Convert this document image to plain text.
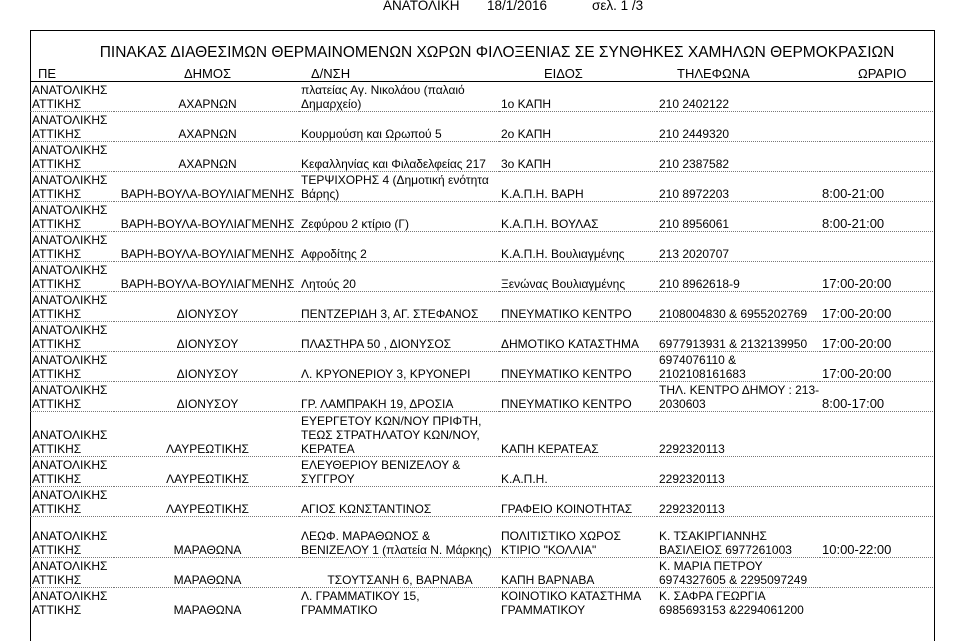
ΑΝΑΤΟΛΙΚΗ 18/1/2016	σελ. 1 /3
ΠΙΝΑΚΑΣ ΔΙΑΘΕΣΙΜΩΝ ΘΕΡΜΑΙΝΟΜΕΝΩΝ ΧΩΡΩΝ ΦΙΛΟΞΕΝΙΑΣ ΣΕ ΣΥΝΘΗΚΕΣ ΧΑΜΗΛΩΝ ΘΕΡΜΟΚΡΑΣΙΩΝ
ΠΕ	ΔΗΜΟΣ	Δ/ΝΣΗ	ΕΙΔΟΣ	ΤΗΛΕΦΩΝΑ	ΩΡΑΡΙΟ
ΑΝΑΤΟΛΙΚΗΣ ΑΤΤΙΚΗΣ	ΑΧΑΡΝΩΝ	πλατείας Αγ. Νικολάου (παλαιό Δημαρχείο)	1ο ΚΑΠΗ	210 2402122	
ΑΝΑΤΟΛΙΚΗΣ ΑΤΤΙΚΗΣ	ΑΧΑΡΝΩΝ	Κουρμούση και Ωρωπού 5	2ο ΚΑΠΗ	210 2449320	
ΑΝΑΤΟΛΙΚΗΣ ΑΤΤΙΚΗΣ	ΑΧΑΡΝΩΝ	Κεφαλληνίας και Φιλαδελφείας 217	3ο ΚΑΠΗ	210 2387582	
ΑΝΑΤΟΛΙΚΗΣ ΑΤΤΙΚΗΣ	ΒΑΡΗ-ΒΟΥΛΑ-ΒΟΥΛΙΑΓΜΕΝΗΣ	ΤΕΡΨΙΧΟΡΗΣ 4 (Δημοτική ενότητα Βάρης)	Κ.Α.Π.Η. ΒΑΡΗ	210 8972203	8:00-21:00
ΑΝΑΤΟΛΙΚΗΣ ΑΤΤΙΚΗΣ	ΒΑΡΗ-ΒΟΥΛΑ-ΒΟΥΛΙΑΓΜΕΝΗΣ	Ζεφύρου 2 κτίριο (Γ)	Κ.Α.Π.Η. ΒΟΥΛΑΣ	210 8956061	8:00-21:00
ΑΝΑΤΟΛΙΚΗΣ ΑΤΤΙΚΗΣ	ΒΑΡΗ-ΒΟΥΛΑ-ΒΟΥΛΙΑΓΜΕΝΗΣ	Αφροδίτης 2	Κ.Α.Π.Η. Βουλιαγμένης	213 2020707	
ΑΝΑΤΟΛΙΚΗΣ ΑΤΤΙΚΗΣ	ΒΑΡΗ-ΒΟΥΛΑ-ΒΟΥΛΙΑΓΜΕΝΗΣ	Λητούς 20	Ξενώνας Βουλιαγμένης	210 8962618-9	17:00-20:00
ΑΝΑΤΟΛΙΚΗΣ ΑΤΤΙΚΗΣ	ΔΙΟΝΥΣΟΥ	ΠΕΝΤΖΕΡΙΔΗ 3, ΑΓ. ΣΤΕΦΑΝΟΣ	ΠΝΕΥΜΑΤΙΚΟ ΚΕΝΤΡΟ	2108004830 & 6955202769	17:00-20:00
ΑΝΑΤΟΛΙΚΗΣ ΑΤΤΙΚΗΣ	ΔΙΟΝΥΣΟΥ	ΠΛΑΣΤΗΡΑ 50 , ΔΙΟΝΥΣΟΣ	ΔΗΜΟΤΙΚΟ ΚΑΤΑΣΤΗΜΑ	6977913931 & 2132139950	17:00-20:00
ΑΝΑΤΟΛΙΚΗΣ ΑΤΤΙΚΗΣ	ΔΙΟΝΥΣΟΥ	Λ. ΚΡΥΟΝΕΡΙΟΥ 3, ΚΡΥΟΝΕΡΙ	ΠΝΕΥΜΑΤΙΚΟ ΚΕΝΤΡΟ	6974076110 & 2102108161683	17:00-20:00
ΑΝΑΤΟΛΙΚΗΣ ΑΤΤΙΚΗΣ	ΔΙΟΝΥΣΟΥ	ΓΡ. ΛΑΜΠΡΑΚΗ 19, ΔΡΟΣΙΑ	ΠΝΕΥΜΑΤΙΚΟ ΚΕΝΤΡΟ	ΤΗΛ. ΚΕΝΤΡΟ ΔΗΜΟΥ : 213-2030603	8:00-17:00
ΑΝΑΤΟΛΙΚΗΣ ΑΤΤΙΚΗΣ	ΛΑΥΡΕΩΤΙΚΗΣ	ΕΥΕΡΓΕΤΟΥ ΚΩΝ/ΝΟΥ ΠΡΙΦΤΗ, ΤΕΩΣ ΣΤΡΑΤΗΛΑΤΟΥ ΚΩΝ/ΝΟΥ, ΚΕΡΑΤΕΑ	ΚΑΠΗ ΚΕΡΑΤΕΑΣ	2292320113	
ΑΝΑΤΟΛΙΚΗΣ ΑΤΤΙΚΗΣ	ΛΑΥΡΕΩΤΙΚΗΣ	ΕΛΕΥΘΕΡΙΟΥ ΒΕΝΙΖΕΛΟΥ & ΣΥΓΓΡΟΥ	Κ.Α.Π.Η.	2292320113	
ΑΝΑΤΟΛΙΚΗΣ ΑΤΤΙΚΗΣ	ΛΑΥΡΕΩΤΙΚΗΣ	ΑΓΙΟΣ ΚΩΝΣΤΑΝΤΙΝΟΣ	ΓΡΑΦΕΙΟ ΚΟΙΝΟΤΗΤΑΣ	2292320113	
ΑΝΑΤΟΛΙΚΗΣ ΑΤΤΙΚΗΣ	ΜΑΡΑΘΩΝΑ	ΛΕΩΦ. ΜΑΡΑΘΩΝΟΣ & ΒΕΝΙΖΕΛΟΥ 1 (πλατεία Ν. Μάρκης)	ΠΟΛΙΤΙΣΤΙΚΟ ΧΩΡΟΣ ΚΤΙΡΙΟ "ΚΟΛΛΙΑ"	Κ. ΤΣΑΚΙΡΓΙΑΝΝΗΣ ΒΑΣΙΛΕΙΟΣ 6977261003	10:00-22:00
ΑΝΑΤΟΛΙΚΗΣ ΑΤΤΙΚΗΣ	ΜΑΡΑΘΩΝΑ	ΤΣΟΥΤΣΑΝΗ 6, ΒΑΡΝΑΒΑ	ΚΑΠΗ ΒΑΡΝΑΒΑ	Κ. ΜΑΡΙΑ ΠΕΤΡΟΥ 6974327605 & 2295097249	
ΑΝΑΤΟΛΙΚΗΣ ΑΤΤΙΚΗΣ	ΜΑΡΑΘΩΝΑ	Λ. ΓΡΑΜΜΑΤΙΚΟΥ 15, ΓΡΑΜΜΑΤΙΚΟ	ΚΟΙΝΟΤΙΚΟ ΚΑΤΑΣΤΗΜΑ ΓΡΑΜΜΑΤΙΚΟΥ	Κ. ΣΑΦΡΑ ΓΕΩΡΓΙΑ 6985693153 &2294061200	
